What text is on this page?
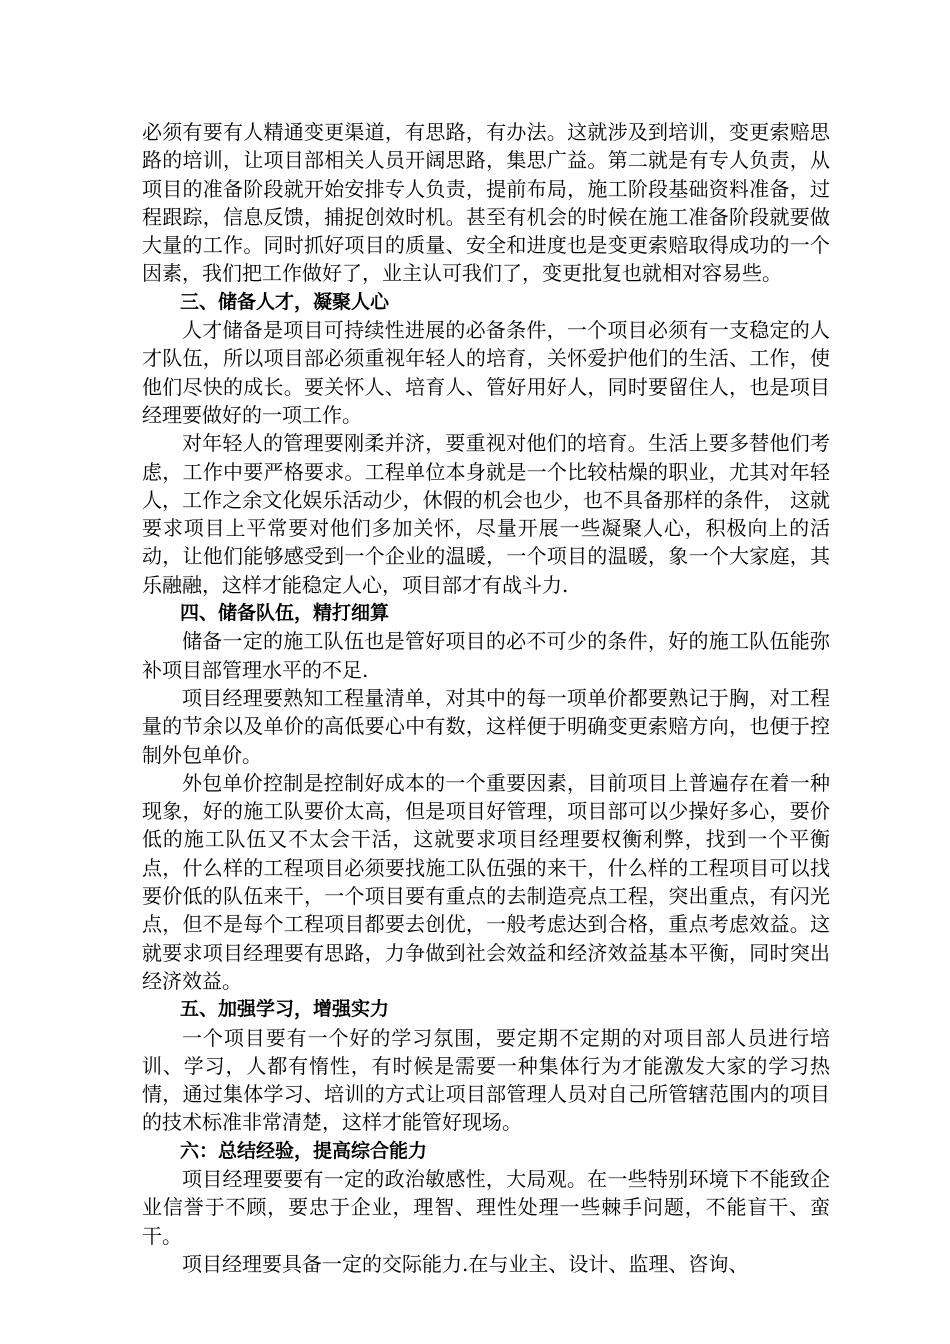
必须有要有人精通变更渠道，有思路，有办法。这就涉及到培训，变更索赔思路的培训，让项目部相关人员开阔思路，集思广益。第二就是有专人负责，从项目的准备阶段就开始安排专人负责，提前布局，施工阶段基础资料准备，过程跟踪，信息反馈，捕捉创效时机。甚至有机会的时候在施工准备阶段就要做大量的工作。同时抓好项目的质量、安全和进度也是变更索赔取得成功的一个因素，我们把工作做好了，业主认可我们了，变更批复也就相对容易些。

三、储备人才，凝聚人心

人才储备是项目可持续性进展的必备条件，一个项目必须有一支稳定的人才队伍，所以项目部必须重视年轻人的培育，关怀爱护他们的生活、工作，使他们尽快的成长。要关怀人、培育人、管好用好人，同时要留住人，也是项目经理要做好的一项工作。

对年轻人的管理要刚柔并济，要重视对他们的培育。生活上要多替他们考虑，工作中要严格要求。工程单位本身就是一个比较枯燥的职业，尤其对年轻人，工作之余文化娱乐活动少，休假的机会也少，也不具备那样的条件， 这就要求项目上平常要对他们多加关怀，尽量开展一些凝聚人心，积极向上的活动，让他们能够感受到一个企业的温暖，一个项目的温暖，象一个大家庭，其乐融融，这样才能稳定人心，项目部才有战斗力.

四、储备队伍，精打细算

储备一定的施工队伍也是管好项目的必不可少的条件，好的施工队伍能弥补项目部管理水平的不足.

项目经理要熟知工程量清单，对其中的每一项单价都要熟记于胸，对工程量的节余以及单价的高低要心中有数，这样便于明确变更索赔方向，也便于控制外包单价。

外包单价控制是控制好成本的一个重要因素，目前项目上普遍存在着一种现象，好的施工队要价太高，但是项目好管理，项目部可以少操好多心，要价低的施工队伍又不太会干活，这就要求项目经理要权衡利弊，找到一个平衡点，什么样的工程项目必须要找施工队伍强的来干，什么样的工程项目可以找要价低的队伍来干，一个项目要有重点的去制造亮点工程，突出重点，有闪光点，但不是每个工程项目都要去创优，一般考虑达到合格，重点考虑效益。这就要求项目经理要有思路，力争做到社会效益和经济效益基本平衡，同时突出经济效益。

五、加强学习，增强实力

一个项目要有一个好的学习氛围，要定期不定期的对项目部人员进行培训、学习，人都有惰性，有时候是需要一种集体行为才能激发大家的学习热情，通过集体学习、培训的方式让项目部管理人员对自己所管辖范围内的项目的技术标准非常清楚，这样才能管好现场。

六：总结经验，提高综合能力

项目经理要要有一定的政治敏感性，大局观。在一些特别环境下不能致企业信誉于不顾，要忠于企业，理智、理性处理一些棘手问题，不能盲干、蛮干。

项目经理要具备一定的交际能力.在与业主、设计、监理、咨询、
